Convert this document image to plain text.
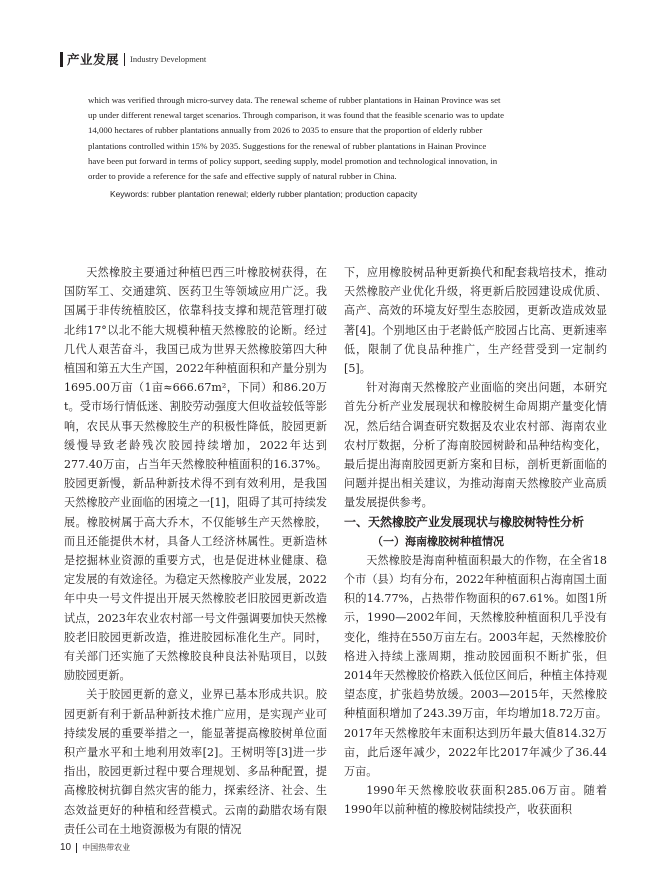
产业发展 Industry Development

which was verified through micro-survey data. The renewal scheme of rubber plantations in Hainan Province was set

up under different renewal target scenarios. Through comparison, it was found that the feasible scenario was to update

14,000 hectares of rubber plantations annually from 2026 to 2035 to ensure that the proportion of elderly rubber

plantations controlled within 15% by 2035. Suggestions for the renewal of rubber plantations in Hainan Province

have been put forward in terms of policy support, seeding supply, model promotion and technological innovation, in

order to provide a reference for the safe and effective supply of natural rubber in China.

Keywords: rubber plantation renewal; elderly rubber plantation; production capacity

天然橡胶主要通过种植巴西三叶橡胶树获得，在国防军工、交通建筑、医药卫生等领域应用广泛。我国属于非传统植胶区，依靠科技支撑和规范管理打破北纬17°以北不能大规模种植天然橡胶的论断。经过几代人艰苦奋斗，我国已成为世界天然橡胶第四大种植国和第五大生产国，2022年种植面积和产量分别为1695.00万亩（1亩≈666.67m²，下同）和86.20万t。受市场行情低迷、割胶劳动强度大但收益较低等影响，农民从事天然橡胶生产的积极性降低，胶园更新缓慢导致老龄残次胶园持续增加，2022年达到277.40万亩，占当年天然橡胶种植面积的16.37%。胶园更新慢，新品种新技术得不到有效利用，是我国天然橡胶产业面临的困境之一[1]，阻碍了其可持续发展。橡胶树属于高大乔木，不仅能够生产天然橡胶，而且还能提供木材，具备人工经济林属性。更新造林是挖掘林业资源的重要方式，也是促进林业健康、稳定发展的有效途径。为稳定天然橡胶产业发展，2022年中央一号文件提出开展天然橡胶老旧胶园更新改造试点，2023年农业农村部一号文件强调要加快天然橡胶老旧胶园更新改造，推进胶园标准化生产。同时，有关部门还实施了天然橡胶良种良法补贴项目，以鼓励胶园更新。

关于胶园更新的意义，业界已基本形成共识。胶园更新有利于新品种新技术推广应用，是实现产业可持续发展的重要举措之一，能显著提高橡胶树单位面积产量水平和土地利用效率[2]。王树明等[3]进一步指出，胶园更新过程中要合理规划、多品种配置，提高橡胶树抗御自然灾害的能力，探索经济、社会、生态效益更好的种植和经营模式。云南的勐腊农场有限责任公司在土地资源极为有限的情况

下，应用橡胶树品种更新换代和配套栽培技术，推动天然橡胶产业优化升级，将更新后胶园建设成优质、高产、高效的环境友好型生态胶园，更新改造成效显著[4]。个别地区由于老龄低产胶园占比高、更新速率低，限制了优良品种推广，生产经营受到一定制约[5]。

针对海南天然橡胶产业面临的突出问题，本研究首先分析产业发展现状和橡胶树生命周期产量变化情况，然后结合调查研究数据及农业农村部、海南农业农村厅数据，分析了海南胶园树龄和品种结构变化，最后提出海南胶园更新方案和目标，剖析更新面临的问题并提出相关建议，为推动海南天然橡胶产业高质量发展提供参考。

一、天然橡胶产业发展现状与橡胶树特性分析

（一）海南橡胶树种植情况

天然橡胶是海南种植面积最大的作物，在全省18个市（县）均有分布，2022年种植面积占海南国土面积的14.77%，占热带作物面积的67.61%。如图1所示，1990—2002年间，天然橡胶种植面积几乎没有变化，维持在550万亩左右。2003年起，天然橡胶价格进入持续上涨周期，推动胶园面积不断扩张，但2014年天然橡胶价格跌入低位区间后，种植主体持观望态度，扩张趋势放缓。2003—2015年，天然橡胶种植面积增加了243.39万亩，年均增加18.72万亩。2017年天然橡胶年末面积达到历年最大值814.32万亩，此后逐年减少，2022年比2017年减少了36.44万亩。

1990年天然橡胶收获面积285.06万亩。随着1990年以前种植的橡胶树陆续投产，收获面积

10 中国热带农业
